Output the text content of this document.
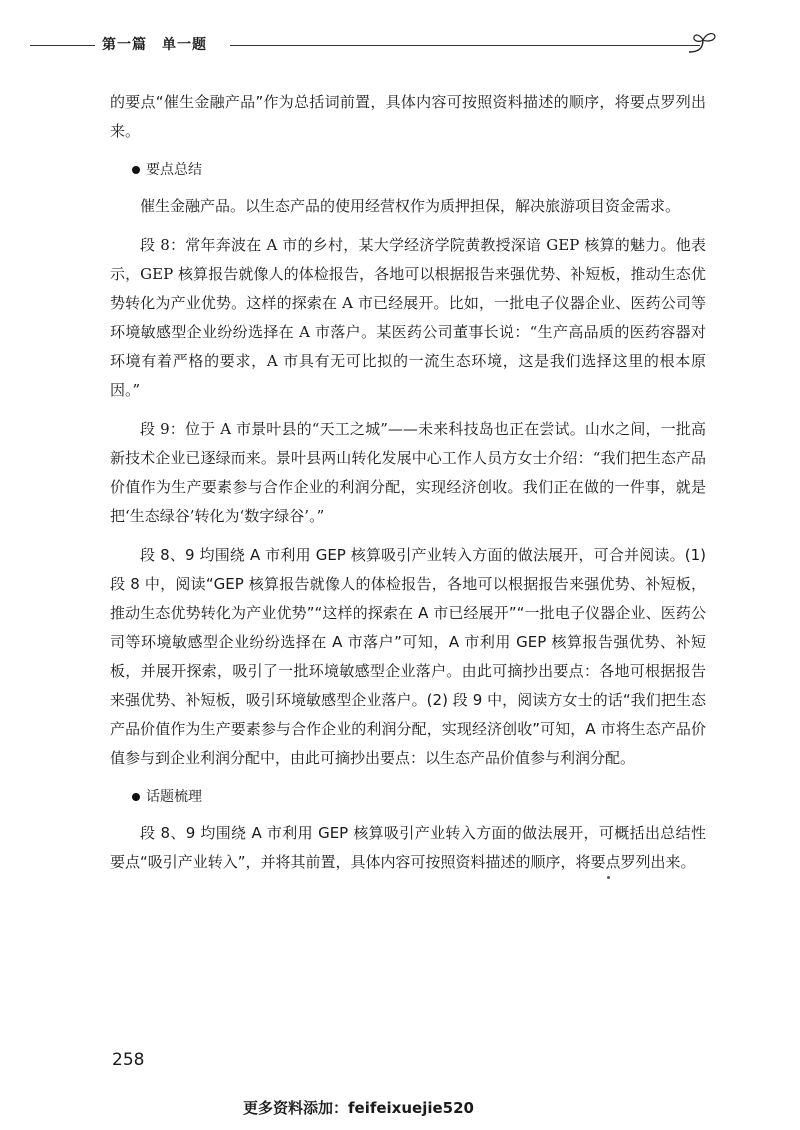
第一篇　单一题

的要点“催生金融产品”作为总括词前置，具体内容可按照资料描述的顺序，将要点罗列出来。

要点总结

催生金融产品。以生态产品的使用经营权作为质押担保，解决旅游项目资金需求。

段 8：常年奔波在 A 市的乡村，某大学经济学院黄教授深谙 GEP 核算的魅力。他表示，GEP 核算报告就像人的体检报告，各地可以根据报告来强优势、补短板，推动生态优势转化为产业优势。这样的探索在 A 市已经展开。比如，一批电子仪器企业、医药公司等环境敏感型企业纷纷选择在 A 市落户。某医药公司董事长说：“生产高品质的医药容器对环境有着严格的要求，A 市具有无可比拟的一流生态环境，这是我们选择这里的根本原因。”

段 9：位于 A 市景叶县的“天工之城”——未来科技岛也正在尝试。山水之间，一批高新技术企业已逐绿而来。景叶县两山转化发展中心工作人员方女士介绍：“我们把生态产品价值作为生产要素参与合作企业的利润分配，实现经济创收。我们正在做的一件事，就是把‘生态绿谷’转化为‘数字绿谷’。”

段 8、9 均围绕 A 市利用 GEP 核算吸引产业转入方面的做法展开，可合并阅读。(1) 段 8 中，阅读“GEP 核算报告就像人的体检报告，各地可以根据报告来强优势、补短板，推动生态优势转化为产业优势”“这样的探索在 A 市已经展开”“一批电子仪器企业、医药公司等环境敏感型企业纷纷选择在 A 市落户”可知，A 市利用 GEP 核算报告强优势、补短板，并展开探索，吸引了一批环境敏感型企业落户。由此可摘抄出要点：各地可根据报告来强优势、补短板，吸引环境敏感型企业落户。(2) 段 9 中，阅读方女士的话“我们把生态产品价值作为生产要素参与合作企业的利润分配，实现经济创收”可知，A 市将生态产品价值参与到企业利润分配中，由此可摘抄出要点：以生态产品价值参与利润分配。

话题梳理

段 8、9 均围绕 A 市利用 GEP 核算吸引产业转入方面的做法展开，可概括出总结性要点“吸引产业转入”，并将其前置，具体内容可按照资料描述的顺序，将要点罗列出来。

258
更多资料添加：feifeixuejie520
